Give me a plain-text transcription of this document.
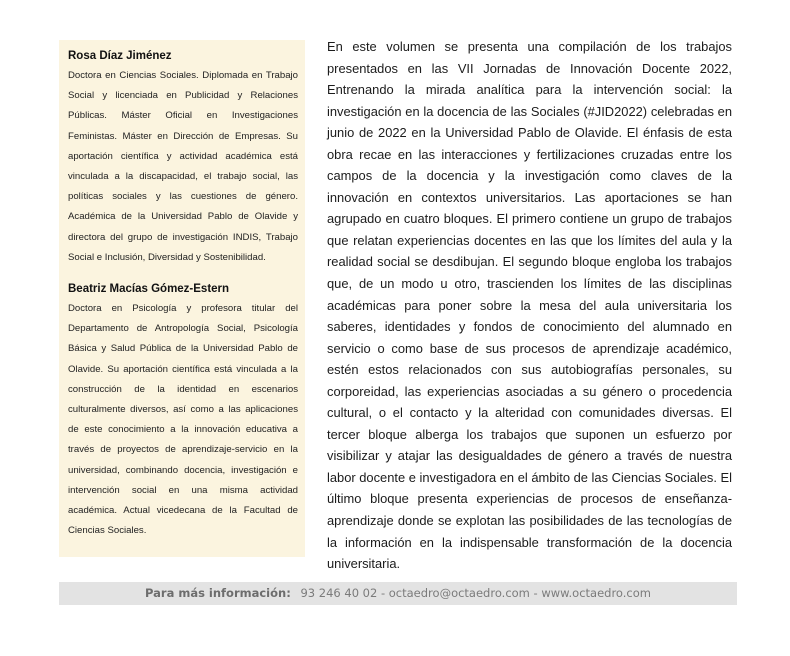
Rosa Díaz Jiménez

Doctora en Ciencias Sociales. Diplomada en Trabajo Social y licenciada en Publicidad y Relaciones Públicas. Máster Oficial en Investigaciones Feministas. Máster en Dirección de Empresas. Su aportación científica y actividad académica está vinculada a la discapacidad, el trabajo social, las políticas sociales y las cuestiones de género. Académica de la Universidad Pablo de Olavide y directora del grupo de investigación INDIS, Trabajo Social e Inclusión, Diversidad y Sostenibilidad.

Beatriz Macías Gómez-Estern

Doctora en Psicología y profesora titular del Departamento de Antropología Social, Psicología Básica y Salud Pública de la Universidad Pablo de Olavide. Su aportación científica está vinculada a la construcción de la identidad en escenarios culturalmente diversos, así como a las aplicaciones de este conocimiento a la innovación educativa a través de proyectos de aprendizaje-servicio en la universidad, combinando docencia, investigación e intervención social en una misma actividad académica. Actual vicedecana de la Facultad de Ciencias Sociales.

En este volumen se presenta una compilación de los trabajos presentados en las VII Jornadas de Innovación Docente 2022, Entrenando la mirada analítica para la intervención social: la investigación en la docencia de las Sociales (#JID2022) celebradas en junio de 2022 en la Universidad Pablo de Olavide. El énfasis de esta obra recae en las interacciones y fertilizaciones cruzadas entre los campos de la docencia y la investigación como claves de la innovación en contextos universitarios. Las aportaciones se han agrupado en cuatro bloques. El primero contiene un grupo de trabajos que relatan experiencias docentes en las que los límites del aula y la realidad social se desdibujan. El segundo bloque engloba los trabajos que, de un modo u otro, trascienden los límites de las disciplinas académicas para poner sobre la mesa del aula universitaria los saberes, identidades y fondos de conocimiento del alumnado en servicio o como base de sus procesos de aprendizaje académico, estén estos relacionados con sus autobiografías personales, su corporeidad, las experiencias asociadas a su género o procedencia cultural, o el contacto y la alteridad con comunidades diversas. El tercer bloque alberga los trabajos que suponen un esfuerzo por visibilizar y atajar las desigualdades de género a través de nuestra labor docente e investigadora en el ámbito de las Ciencias Sociales. El último bloque presenta experiencias de procesos de enseñanza-aprendizaje donde se explotan las posibilidades de las tecnologías de la información en la indispensable transformación de la docencia universitaria.

Para más información: 93 246 40 02 - octaedro@octaedro.com - www.octaedro.com
